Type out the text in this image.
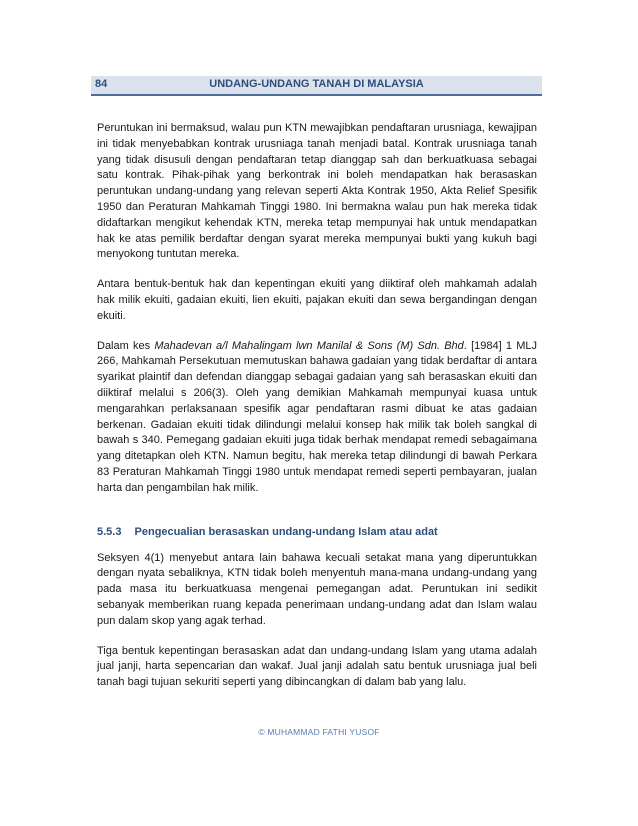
84	UNDANG-UNDANG TANAH DI MALAYSIA

Peruntukan ini bermaksud, walau pun KTN mewajibkan pendaftaran urusniaga, kewajipan ini tidak menyebabkan kontrak urusniaga tanah menjadi batal. Kontrak urusniaga tanah yang tidak disusuli dengan pendaftaran tetap dianggap sah dan berkuatkuasa sebagai satu kontrak. Pihak-pihak yang berkontrak ini boleh mendapatkan hak berasaskan peruntukan undang-undang yang relevan seperti Akta Kontrak 1950, Akta Relief Spesifik 1950 dan Peraturan Mahkamah Tinggi 1980. Ini bermakna walau pun hak mereka tidak didaftarkan mengikut kehendak KTN, mereka tetap mempunyai hak untuk mendapatkan hak ke atas pemilik berdaftar dengan syarat mereka mempunyai bukti yang kukuh bagi menyokong tuntutan mereka.

Antara bentuk-bentuk hak dan kepentingan ekuiti yang diiktiraf oleh mahkamah adalah hak milik ekuiti, gadaian ekuiti, lien ekuiti, pajakan ekuiti dan sewa bergandingan dengan ekuiti.

Dalam kes Mahadevan a/l Mahalingam lwn Manilal & Sons (M) Sdn. Bhd. [1984] 1 MLJ 266, Mahkamah Persekutuan memutuskan bahawa gadaian yang tidak berdaftar di antara syarikat plaintif dan defendan dianggap sebagai gadaian yang sah berasaskan ekuiti dan diiktiraf melalui s 206(3). Oleh yang demikian Mahkamah mempunyai kuasa untuk mengarahkan perlaksanaan spesifik agar pendaftaran rasmi dibuat ke atas gadaian berkenan. Gadaian ekuiti tidak dilindungi melalui konsep hak milik tak boleh sangkal di bawah s 340. Pemegang gadaian ekuiti juga tidak berhak mendapat remedi sebagaimana yang ditetapkan oleh KTN. Namun begitu, hak mereka tetap dilindungi di bawah Perkara 83 Peraturan Mahkamah Tinggi 1980 untuk mendapat remedi seperti pembayaran, jualan harta dan pengambilan hak milik.

5.5.3 Pengecualian berasaskan undang-undang Islam atau adat

Seksyen 4(1) menyebut antara lain bahawa kecuali setakat mana yang diperuntukkan dengan nyata sebaliknya, KTN tidak boleh menyentuh mana-mana undang-undang yang pada masa itu berkuatkuasa mengenai pemegangan adat. Peruntukan ini sedikit sebanyak memberikan ruang kepada penerimaan undang-undang adat dan Islam walau pun dalam skop yang agak terhad.

Tiga bentuk kepentingan berasaskan adat dan undang-undang Islam yang utama adalah jual janji, harta sepencarian dan wakaf. Jual janji adalah satu bentuk urusniaga jual beli tanah bagi tujuan sekuriti seperti yang dibincangkan di dalam bab yang lalu.

© MUHAMMAD FATHI YUSOF
